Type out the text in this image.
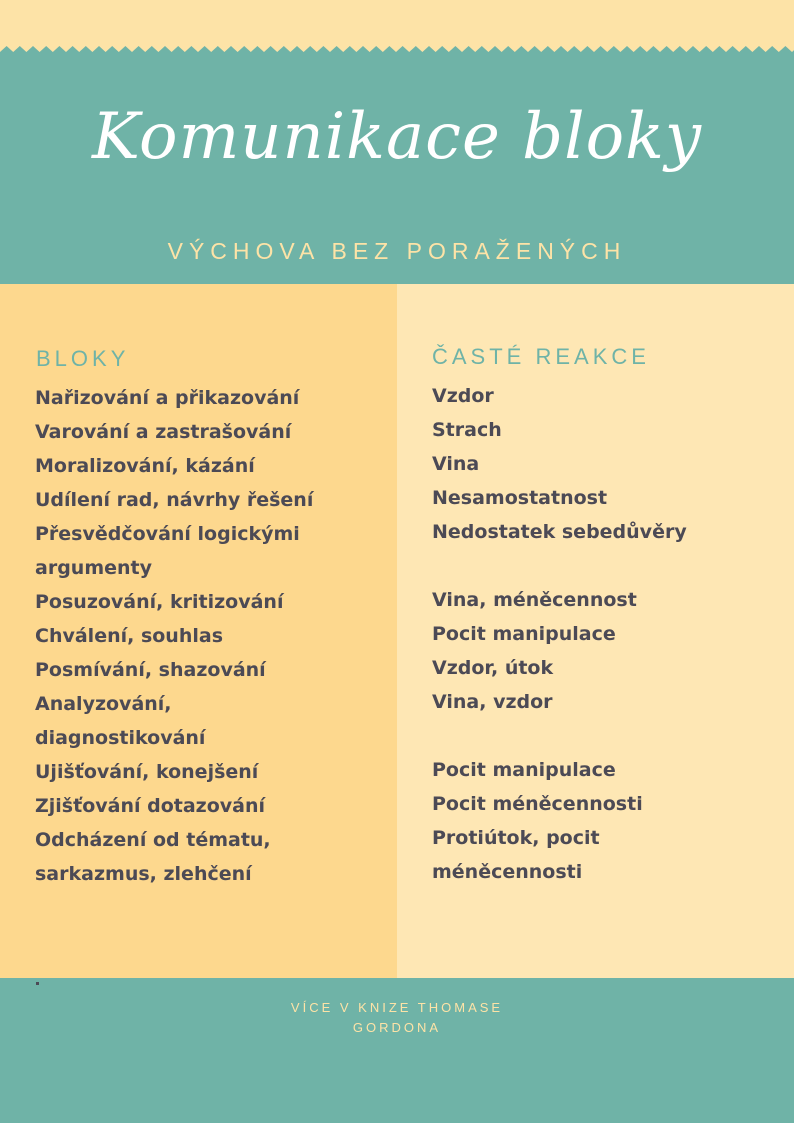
Komunikace bloky
VÝCHOVA BEZ PORAŽENÝCH
BLOKY
Nařizování a přikazování
Varování a zastrašování
Moralizování, kázání
Udílení rad, návrhy řešení
Přesvědčování logickými
argumenty
Posuzování, kritizování
Chválení, souhlas
Posmívání, shazování
Analyzování,
diagnostikování
Ujišťování, konejšení
Zjišťování dotazování
Odcházení od tématu,
sarkazmus, zlehčení
ČASTÉ REAKCE
Vzdor
Strach
Vina
Nesamostatnost
Nedostatek sebedůvěry

Vina, méněcennost
Pocit manipulace
Vzdor, útok
Vina, vzdor

Pocit manipulace
Pocit méněcennosti
Protiútok, pocit
méněcennosti
VÍCE V KNIZE THOMASE
GORDONA
